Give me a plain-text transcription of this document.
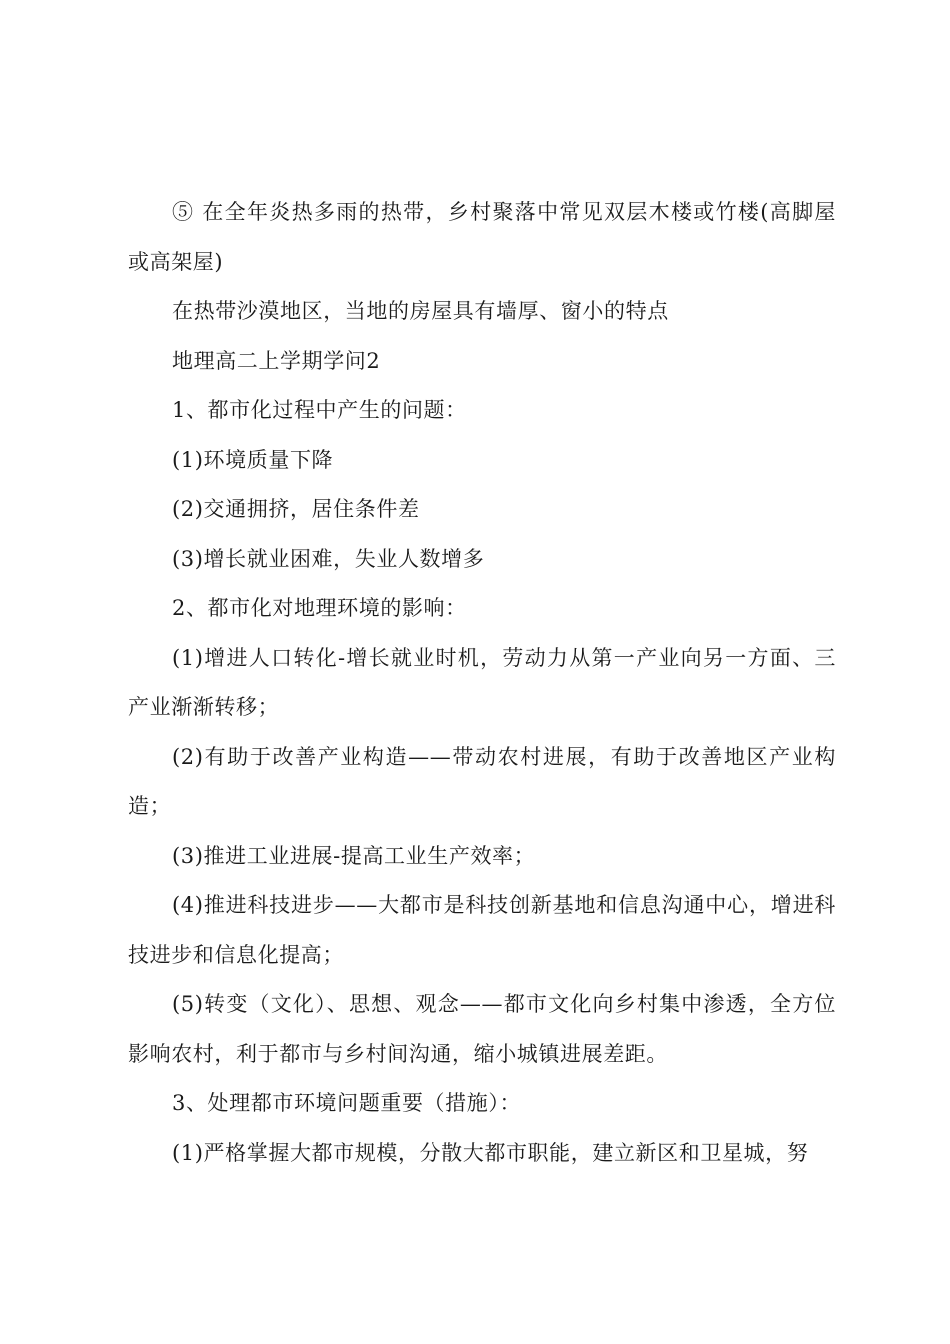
⑤ 在全年炎热多雨的热带，乡村聚落中常见双层木楼或竹楼(高脚屋或高架屋)

在热带沙漠地区，当地的房屋具有墙厚、窗小的特点

地理高二上学期学问2

1、都市化过程中产生的问题：

(1)环境质量下降

(2)交通拥挤，居住条件差

(3)增长就业困难，失业人数增多

2、都市化对地理环境的影响：

(1)增进人口转化-增长就业时机，劳动力从第一产业向另一方面、三产业渐渐转移；

(2)有助于改善产业构造——带动农村进展，有助于改善地区产业构造；

(3)推进工业进展-提高工业生产效率；

(4)推进科技进步——大都市是科技创新基地和信息沟通中心，增进科技进步和信息化提高；

(5)转变（文化）、思想、观念——都市文化向乡村集中渗透，全方位影响农村，利于都市与乡村间沟通，缩小城镇进展差距。

3、处理都市环境问题重要（措施）：

(1)严格掌握大都市规模，分散大都市职能，建立新区和卫星城，努
